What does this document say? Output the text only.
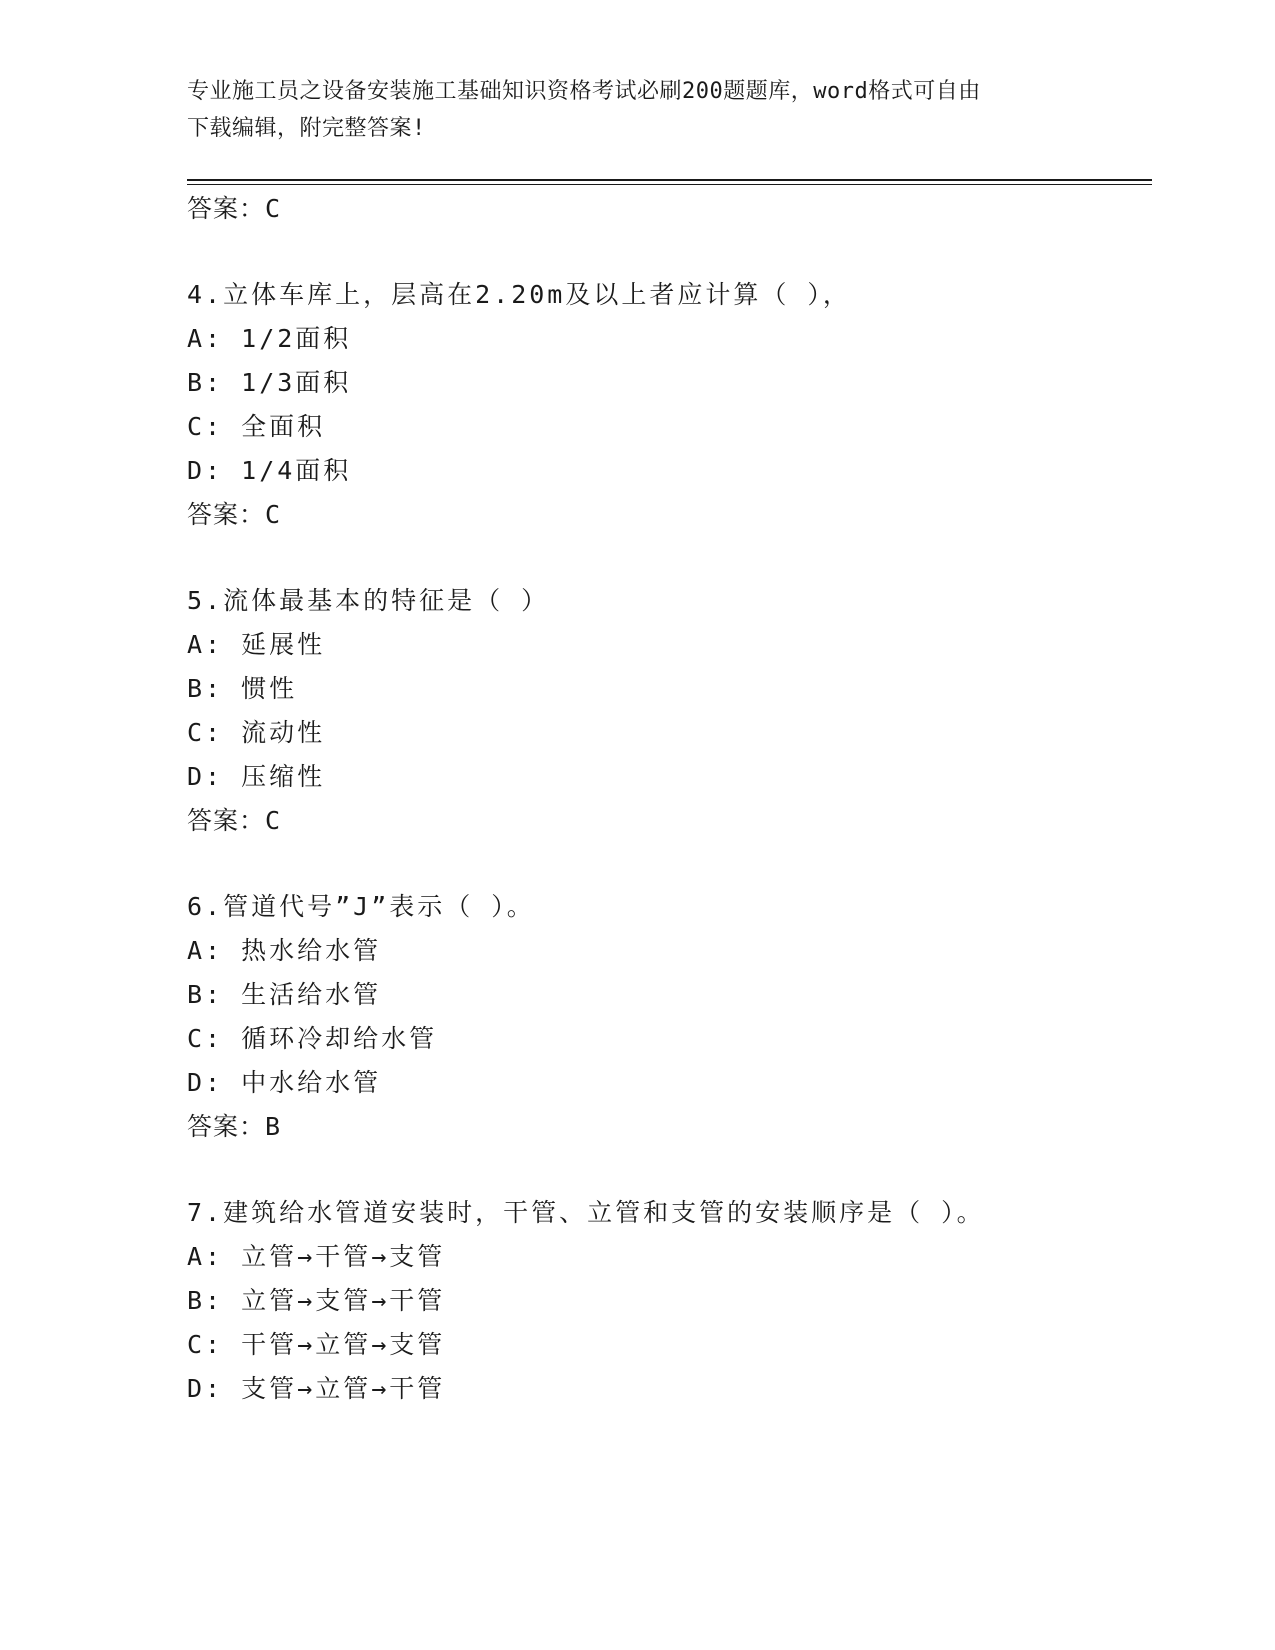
专业施工员之设备安装施工基础知识资格考试必刷200题题库，word格式可自由
下载编辑，附完整答案!
答案：C
4.立体车库上，层高在2.20m及以上者应计算（ ），
A: 1/2面积
B: 1/3面积
C: 全面积
D: 1/4面积
答案：C
5.流体最基本的特征是（ ）
A: 延展性
B: 惯性
C: 流动性
D: 压缩性
答案：C
6.管道代号”J”表示（ ）。
A: 热水给水管
B: 生活给水管
C: 循环冷却给水管
D: 中水给水管
答案：B
7.建筑给水管道安装时，干管、立管和支管的安装顺序是（ ）。
A: 立管→干管→支管
B: 立管→支管→干管
C: 干管→立管→支管
D: 支管→立管→干管
